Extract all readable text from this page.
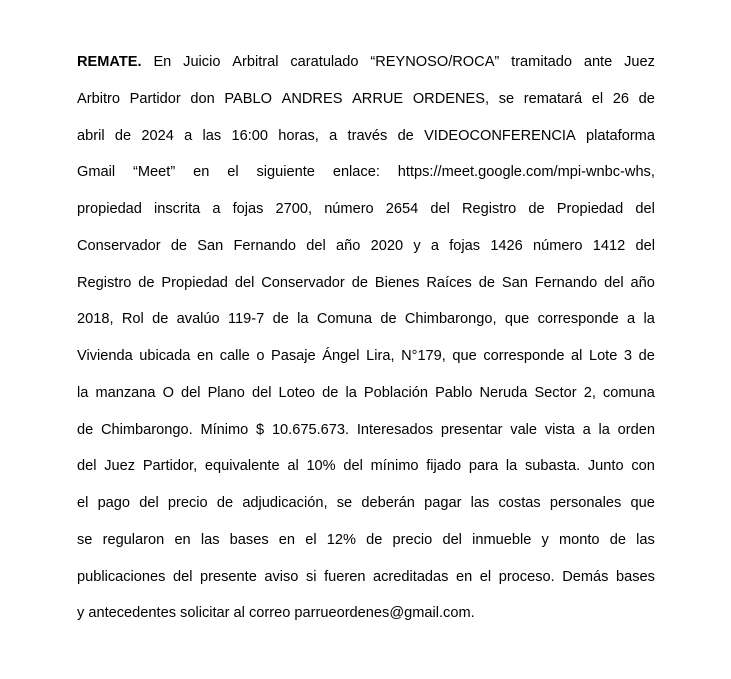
REMATE. En Juicio Arbitral caratulado “REYNOSO/ROCA” tramitado ante Juez
Arbitro Partidor don PABLO ANDRES ARRUE ORDENES, se rematará el 26 de
abril de 2024 a las 16:00 horas, a través de VIDEOCONFERENCIA plataforma
Gmail “Meet” en el siguiente enlace: https://meet.google.com/mpi-wnbc-whs,
propiedad inscrita a fojas 2700, número 2654 del Registro de Propiedad del
Conservador de San Fernando del año 2020 y a fojas 1426 número 1412 del
Registro de Propiedad del Conservador de Bienes Raíces de San Fernando del año
2018, Rol de avalúo 119-7 de la Comuna de Chimbarongo, que corresponde a la
Vivienda ubicada en calle o Pasaje Ángel Lira, N°179, que corresponde al Lote 3 de
la manzana O del Plano del Loteo de la Población Pablo Neruda Sector 2, comuna
de Chimbarongo. Mínimo $ 10.675.673. Interesados presentar vale vista a la orden
del Juez Partidor, equivalente al 10% del mínimo fijado para la subasta. Junto con
el pago del precio de adjudicación, se deberán pagar las costas personales que
se regularon en las bases en el 12% de precio del inmueble y monto de las
publicaciones del presente aviso si fueren acreditadas en el proceso. Demás bases
y antecedentes solicitar al correo parrueordenes@gmail.com.
